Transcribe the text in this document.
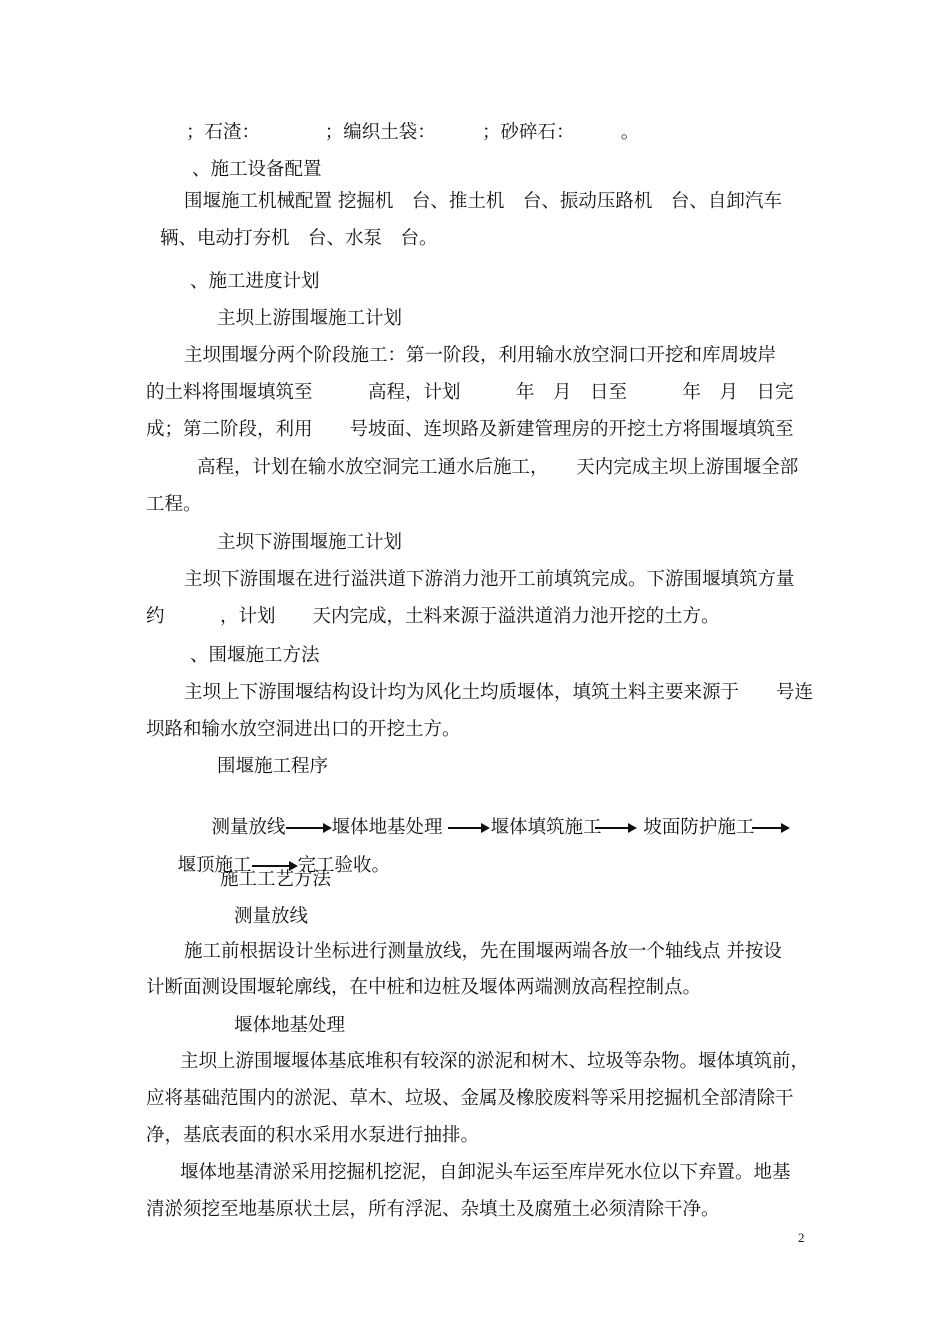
；石渣：　　　　；编织土袋：　　　；砂碎石：　　　。
、施工设备配置
围堰施工机械配置 挖掘机　台、推土机　台、振动压路机　台、自卸汽车
辆、电动打夯机　台、水泵　台。
、施工进度计划
主坝上游围堰施工计划
主坝围堰分两个阶段施工：第一阶段，利用输水放空洞口开挖和库周坡岸
的土料将围堰填筑至　　　高程，计划　　　年　月　日至　　　年　月　日完
成；第二阶段，利用　　号坡面、连坝路及新建管理房的开挖土方将围堰填筑至
高程，计划在输水放空洞完工通水后施工，　　天内完成主坝上游围堰全部
工程。
主坝下游围堰施工计划
主坝下游围堰在进行溢洪道下游消力池开工前填筑完成。下游围堰填筑方量
约　　　，计划　　天内完成，土料来源于溢洪道消力池开挖的土方。
、围堰施工方法
主坝上下游围堰结构设计均为风化土均质堰体，填筑土料主要来源于　　号连
坝路和输水放空洞进出口的开挖土方。
围堰施工程序

测量放线 堰体地基处理	堰体填筑施工 坡面防护施工

堰顶施工 完工验收。

施工工艺方法
测量放线
施工前根据设计坐标进行测量放线，先在围堰两端各放一个轴线点 并按设
计断面测设围堰轮廓线，在中桩和边桩及堰体两端测放高程控制点。
堰体地基处理
主坝上游围堰堰体基底堆积有较深的淤泥和树木、垃圾等杂物。堰体填筑前，
应将基础范围内的淤泥、草木、垃圾、金属及橡胶废料等采用挖掘机全部清除干
净，基底表面的积水采用水泵进行抽排。
堰体地基清淤采用挖掘机挖泥，自卸泥头车运至库岸死水位以下弃置。地基
清淤须挖至地基原状土层，所有浮泥、杂填土及腐殖土必须清除干净。
2
